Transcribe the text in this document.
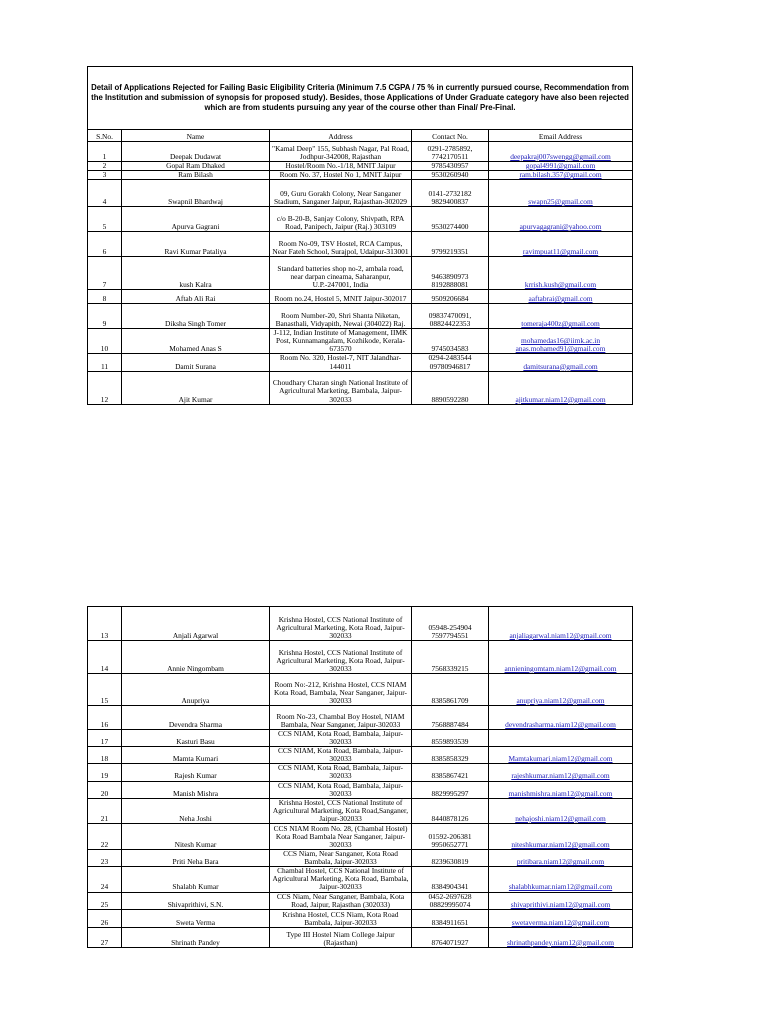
Detail of Applications Rejected for Failing Basic Eligibility Criteria (Minimum 7.5 CGPA / 75 % in currently pursued course, Recommendation from the Institution and submission of synopsis for proposed study). Besides, those Applications of Under Graduate category have also been rejected which are from students pursuing any year of the course other than Final/ Pre-Final.				
S.No.	Name	Address	Contact No.	Email Address
1	Deepak Dudawat	"Kamal Deep" 155, Subhash Nagar, Pal Road, Jodhpur-342008, Rajasthan	0291-2785892, 7742170511	deepakraj007swengg@gmail.com
2	Gopal Ram Dhaked	Hostel/Room No.-1/18, MNIT Jaipur	9785430957	gopal4991@gmail.com
3	Ram Bilash	Room No. 37, Hostel No 1, MNIT Jaipur	9530260940	ram.bilash.357@gmail.com
4	Swapnil Bhardwaj	09, Guru Gorakh Colony, Near Sanganer Stadium, Sanganer Jaipur, Rajasthan-302029	0141-2732182 9829400837	swapn25@gmail.com
5	Apurva Gagrani	c/o B-20-B, Sanjay Colony, Shivpath, RPA Road, Panipech, Jaipur (Raj.) 303109	9530274400	apurvagagrani@yahoo.com
6	Ravi Kumar Pataliya	Room No-09, TSV Hostel, RCA Campus, Near Fateh School, Surajpol, Udaipur-313001	9799219351	ravimpuat11@gmail.com
7	kush Kalra	Standard batteries shop no-2, ambala road, near darpan cineama, Saharanpur, U.P.-247001, India	9463890973 8192888081	krrish.kush@gmail.com
8	Aftab Ali Rai	Room no.24, Hostel 5, MNIT Jaipur-302017	9509206684	aaftabrai@gmail.com
9	Diksha Singh Tomer	Room Number-20, Shri Shanta Niketan, Banasthali, Vidyapith, Newai (304022) Raj.	09837470091, 08824422353	tomeraja400z@gmail.com
10	Mohamed Anas S	J-112, Indian Institute of Management, IIMK Post, Kunnamangalam, Kozhikode, Kerala-673570	9745034583	mohamedas16@iimk.ac.in anas.mohamed91@gmail.com
11	Damit Surana	Room No. 320, Hostel-7, NIT Jalandhar-144011	0294-2483544 09780946817	damitsurana@gmail.com
12	Ajit Kumar	Choudhary Charan singh National Institute of Agricultural Marketing, Bambala, Jaipur-302033	8890592280	ajitkumar.niam12@gmail.com
13	Anjali Agarwal	Krishna Hostel, CCS National Institute of Agricultural Marketing, Kota Road, Jaipur-302033	05948-254904 7597794551	anjaliagarwal.niam12@gmail.com
14	Annie Ningombam	Krishna Hostel, CCS National Institute of Agricultural Marketing, Kota Road, Jaipur-302033	7568339215	annieningomtam.niam12@gmail.com
15	Anupriya	Room No:-212, Krishna Hostel, CCS NIAM Kota Road, Bambala, Near Sanganer, Jaipur-302033	8385861709	anupriya.niam12@gmail.com
16	Devendra Sharma	Room No-23, Chambal Boy Hostel, NIAM Bambala, Near Sanganer, Jaipur-302033	7568887484	devendrasharma.niam12@gmail.com
17	Kasturi Basu	CCS NIAM, Kota Road, Bambala, Jaipur-302033	8559893539	
18	Mamta Kumari	CCS NIAM, Kota Road, Bambala, Jaipur-302033	8385858329	Mamtakumari.niam12@gmail.com
19	Rajesh Kumar	CCS NIAM, Kota Road, Bambala, Jaipur-302033	8385867421	rajeshkumar.niam12@gmail.com
20	Manish Mishra	CCS NIAM, Kota Road, Bambala, Jaipur-302033	8829995297	manishmishra.niam12@gmail.com
21	Neha Joshi	Krishna Hostel, CCS National Institute of Agricultural Marketing, Kota Road,Sanganer, Jaipur-302033	8440878126	nehajoshi.niam12@gmail.com
22	Nitesh Kumar	CCS NIAM Room No. 28, (Chambal Hostel) Kota Road Bambala Near Sanganer, Jaipur-302033	01592-206381 9950652771	niteshkumar.niam12@gmail.com
23	Priti Neha Bara	CCS Niam, Near Sanganer, Kota Road Bambala, Jaipur-302033	8239630819	pritibara.niam12@gmail.com
24	Shalabh Kumar	Chambal Hostel, CCS National Institute of Agricultural Marketing, Kota Road, Bambala, Jaipur-302033	8384904341	shalabhkumar.niam12@gmail.com
25	Shivaprithivi, S.N.	CCS Niam, Near Sanganer, Bambala, Kota Road, Jaipur, Rajasthan (302033)	0452-2697628 08829995074	shivaprithivi.niam12@gmail.com
26	Sweta Verma	Krishna Hostel, CCS Niam, Kota Road Bambala, Jaipur-302033	8384911651	swetaverma.niam12@gmail.com
27	Shrinath Pandey	Type III Hostel Niam College Jaipur (Rajasthan)	8764071927	shrinathpandey.niam12@gmail.com
